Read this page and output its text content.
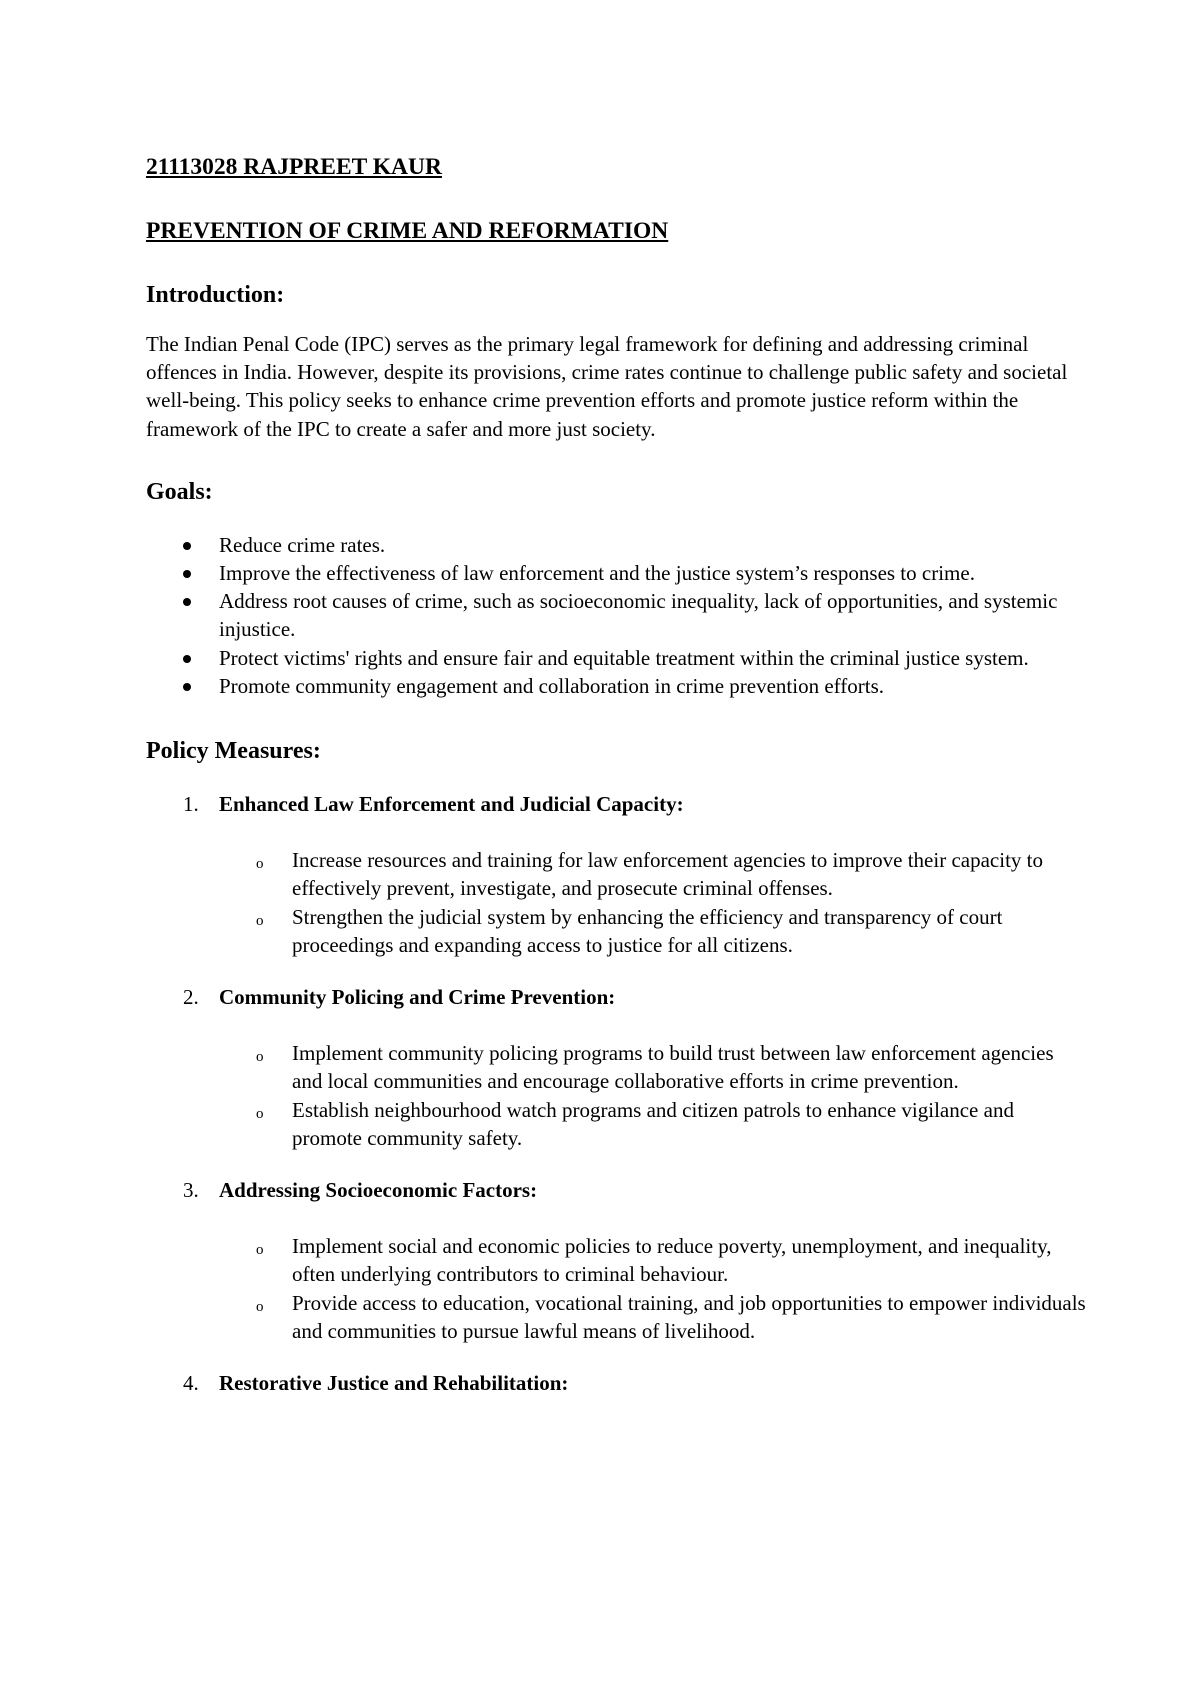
21113028 RAJPREET KAUR

PREVENTION OF CRIME AND REFORMATION

Introduction:

The Indian Penal Code (IPC) serves as the primary legal framework for defining and addressing criminal offences in India. However, despite its provisions, crime rates continue to challenge public safety and societal well-being. This policy seeks to enhance crime prevention efforts and promote justice reform within the framework of the IPC to create a safer and more just society.

Goals:
Reduce crime rates.
Improve the effectiveness of law enforcement and the justice system’s responses to crime.
Address root causes of crime, such as socioeconomic inequality, lack of opportunities, and systemic injustice.
Protect victims' rights and ensure fair and equitable treatment within the criminal justice system.
Promote community engagement and collaboration in crime prevention efforts.
Policy Measures:
1. Enhanced Law Enforcement and Judicial Capacity:
o Increase resources and training for law enforcement agencies to improve their capacity to effectively prevent, investigate, and prosecute criminal offenses.
o Strengthen the judicial system by enhancing the efficiency and transparency of court proceedings and expanding access to justice for all citizens.
2. Community Policing and Crime Prevention:
o Implement community policing programs to build trust between law enforcement agencies and local communities and encourage collaborative efforts in crime prevention.
o Establish neighbourhood watch programs and citizen patrols to enhance vigilance and promote community safety.
3. Addressing Socioeconomic Factors:
o Implement social and economic policies to reduce poverty, unemployment, and inequality, often underlying contributors to criminal behaviour.
o Provide access to education, vocational training, and job opportunities to empower individuals and communities to pursue lawful means of livelihood.
4. Restorative Justice and Rehabilitation:
